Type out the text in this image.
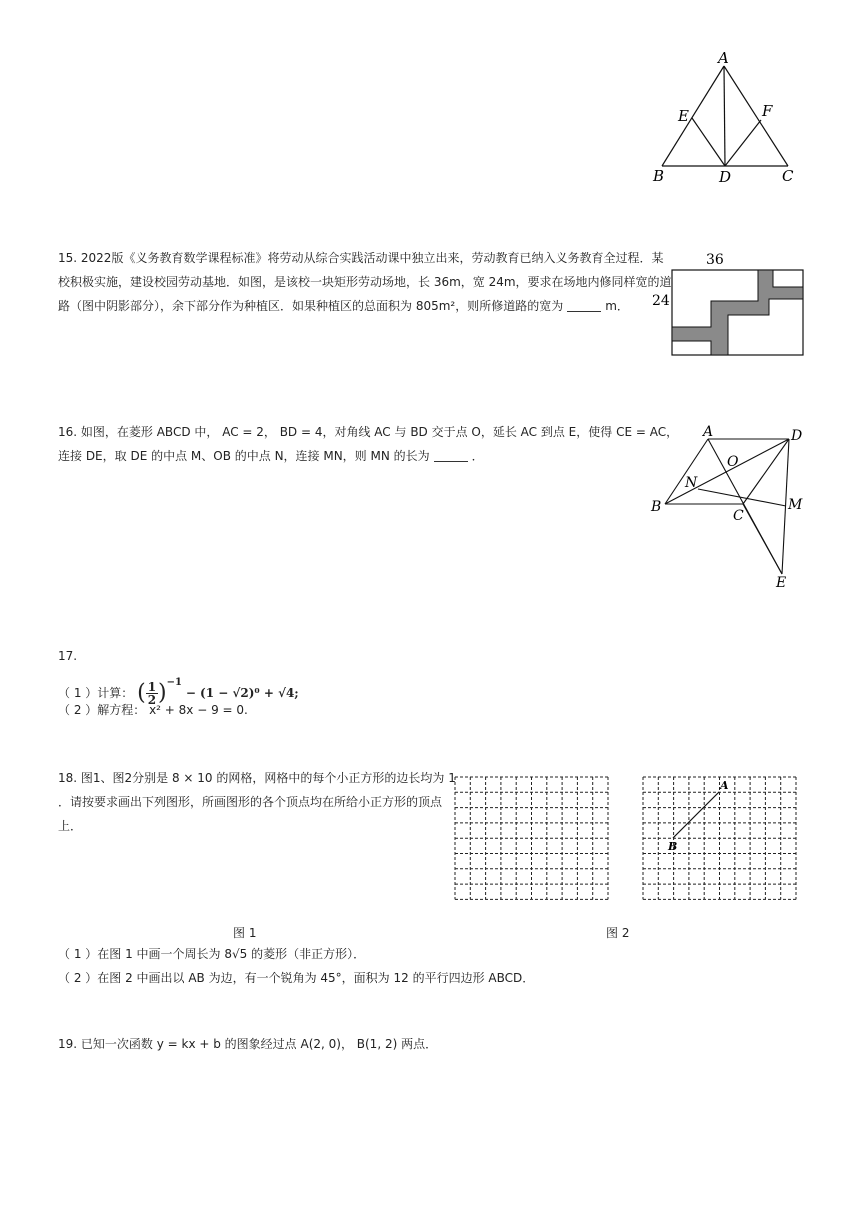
A
E	F
B	D	C
15. 2022版《义务教育数学课程标准》将劳动从综合实践活动课中独立出来，劳动教育已纳入义务教育全过程．某
校积极实施，建设校园劳动基地．如图，是该校一块矩形劳动场地，长 36m，宽 24m，要求在场地内修同样宽的道
路（图中阴影部分），余下部分作为种植区．如果种植区的总面积为 805m²，则所修道路的宽为	m．
36
24
16. 如图，在菱形 ABCD 中， AC = 2， BD = 4，对角线 AC 与 BD 交于点 O，延长 AC 到点 E，使得 CE = AC，
连接 DE，取 DE 的中点 M、OB 的中点 N，连接 MN，则 MN 的长为	．
A	D
O
N
B
C
M
E
17.
（ 1 ）计算： ( $\frac{1}{2} )^{-1} - (1 - √2)^0 + √4$;
（ 2 ）解方程： x² + 8x − 9 = 0.
18. 图1、图2分别是 8 × 10 的网格，网格中的每个小正方形的边长均为 1
．请按要求画出下列图形，所画图形的各个顶点均在所给小正方形的顶点
上．
A
B
图 1	图 2
（ 1 ）在图 1 中画一个周长为 8√5 的菱形（非正方形）．
（ 2 ）在图 2 中画出以 AB 为边，有一个锐角为 45°，面积为 12 的平行四边形 ABCD．
19. 已知一次函数 y = kx + b 的图象经过点 A(2, 0)， B(1, 2) 两点．
